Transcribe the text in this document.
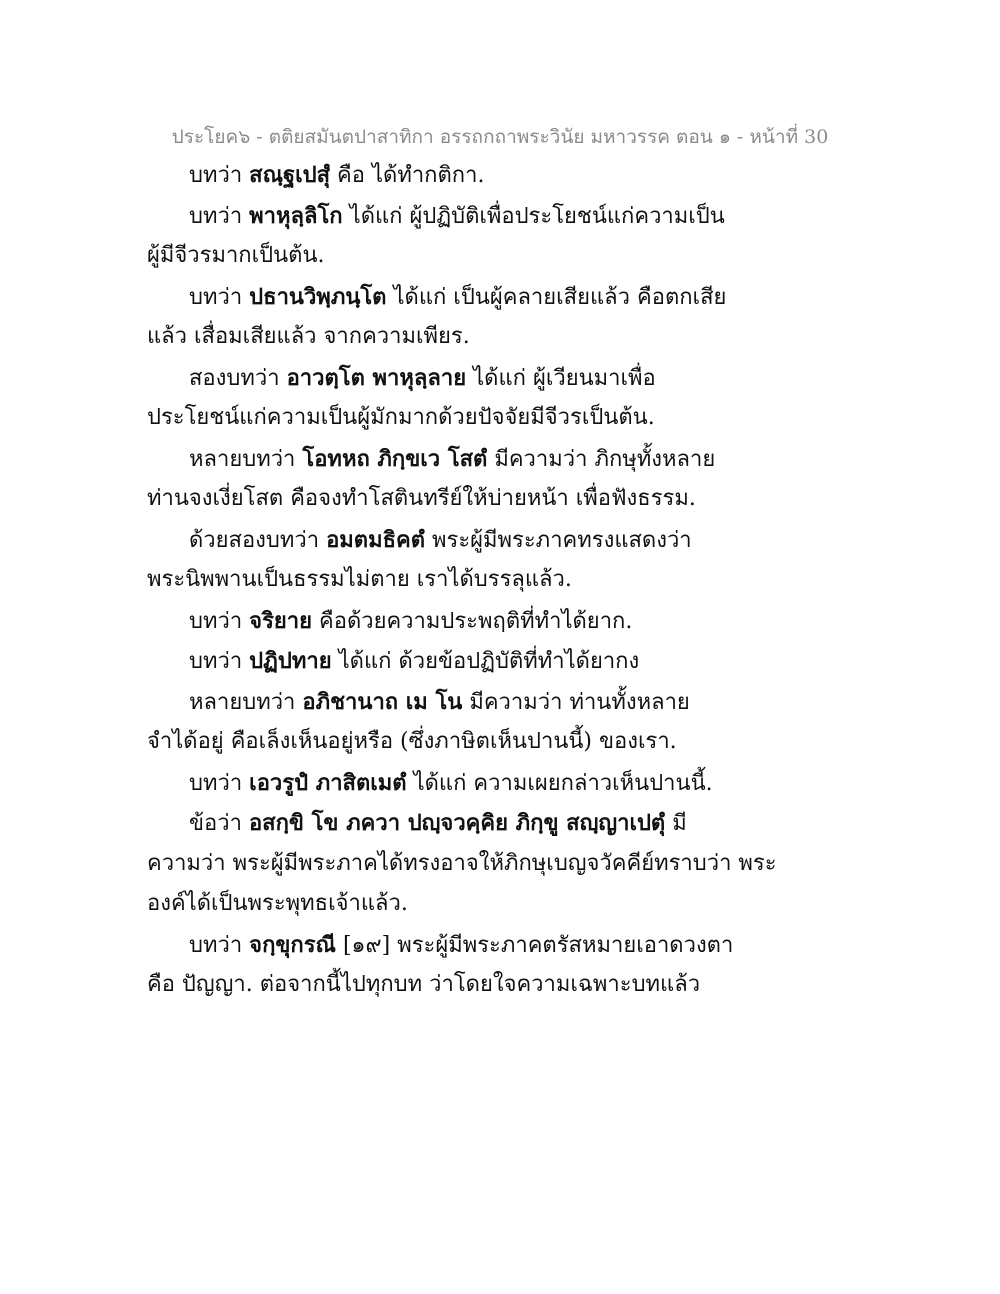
ประโยค๖ - ตติยสมันตปาสาทิกา อรรถกถาพระวินัย มหาวรรค ตอน ๑ - หน้าที่ 30
บทว่า สณฺฐเปสุํ คือ ได้ทำกติกา.
บทว่า พาหุลฺลิโก ได้แก่ ผู้ปฏิบัติเพื่อประโยชน์แก่ความเป็น
ผู้มีจีวรมากเป็นต้น.
บทว่า ปธานวิพฺภนฺโต ได้แก่ เป็นผู้คลายเสียแล้ว คือตกเสีย
แล้ว เสื่อมเสียแล้ว จากความเพียร.
สองบทว่า อาวตฺโต พาหุลฺลาย ได้แก่ ผู้เวียนมาเพื่อ
ประโยชน์แก่ความเป็นผู้มักมากด้วยปัจจัยมีจีวรเป็นต้น.
หลายบทว่า โอทหถ ภิกฺขเว โสตํ มีความว่า ภิกษุทั้งหลาย
ท่านจงเงี่ยโสต คือจงทำโสตินทรีย์ให้บ่ายหน้า เพื่อฟังธรรม.
ด้วยสองบทว่า อมตมธิคตํ พระผู้มีพระภาคทรงแสดงว่า
พระนิพพานเป็นธรรมไม่ตาย เราได้บรรลุแล้ว.
บทว่า จริยาย คือด้วยความประพฤติที่ทำได้ยาก.
บทว่า ปฏิปทาย ได้แก่ ด้วยข้อปฏิบัติที่ทำได้ยากง
หลายบทว่า อภิชานาถ เม โน มีความว่า ท่านทั้งหลาย
จำได้อยู่ คือเล็งเห็นอยู่หรือ (ซึ่งภาษิตเห็นปานนี้) ของเรา.
บทว่า เอวรูปํ ภาสิตเมตํ ได้แก่ ความเผยกล่าวเห็นปานนี้.
ข้อว่า อสกฺขิ โข ภควา ปญฺจวคฺคิย ภิกฺขู สญฺญาเปตุํ มี
ความว่า พระผู้มีพระภาคได้ทรงอาจให้ภิกษุเบญจวัคคีย์ทราบว่า พระ
องค์ได้เป็นพระพุทธเจ้าแล้ว.
บทว่า จกฺขุกรณี [๑๙] พระผู้มีพระภาคตรัสหมายเอาดวงตา
คือ ปัญญา. ต่อจากนี้ไปทุกบท ว่าโดยใจความเฉพาะบทแล้ว
